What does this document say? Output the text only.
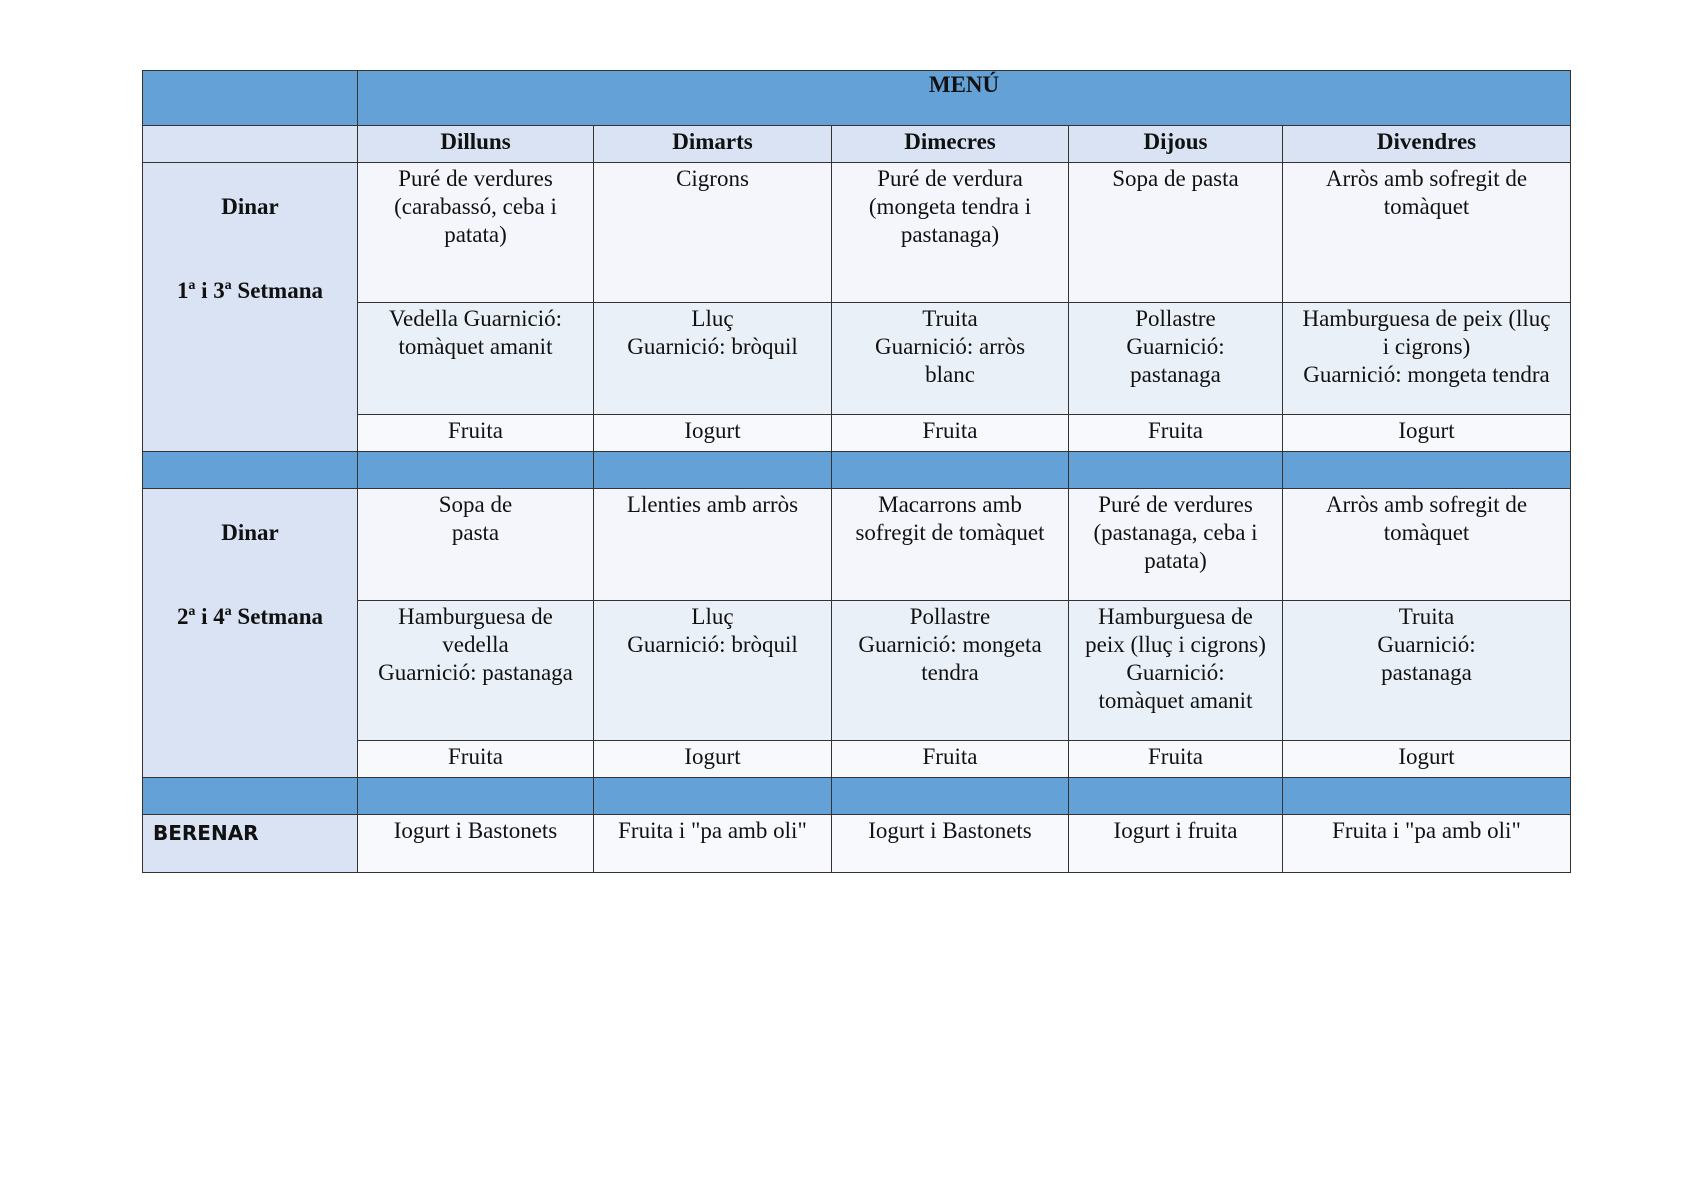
	MENÚ				
	Dilluns	Dimarts	Dimecres	Dijous	Divendres

Dinar

1ª i 3ª Setmana	Puré de verdures
(carabassó, ceba i
patata)	Cigrons	Puré de verdura
(mongeta tendra i
pastanaga)	Sopa de pasta	Arròs amb sofregit de
tomàquet
	Vedella Guarnició:
tomàquet amanit	Lluç
Guarnició: bròquil	Truita
Guarnició: arròs
blanc	Pollastre
Guarnició:
pastanaga	Hamburguesa de peix (lluç
i cigrons)
Guarnició: mongeta tendra
	Fruita	Iogurt	Fruita	Fruita	Iogurt

Dinar

2ª i 4ª Setmana	Sopa de
pasta	Llenties amb arròs	Macarrons amb
sofregit de tomàquet	Puré de verdures
(pastanaga, ceba i
patata)	Arròs amb sofregit de
tomàquet
	Hamburguesa de
vedella
Guarnició: pastanaga	Lluç
Guarnició: bròquil	Pollastre
Guarnició: mongeta
tendra	Hamburguesa de
peix (lluç i cigrons)
Guarnició:
tomàquet amanit	Truita
Guarnició:
pastanaga
	Fruita	Iogurt	Fruita	Fruita	Iogurt

BERENAR	Iogurt i Bastonets	Fruita i "pa amb oli"	Iogurt i Bastonets	Iogurt i fruita	Fruita i "pa amb oli"
